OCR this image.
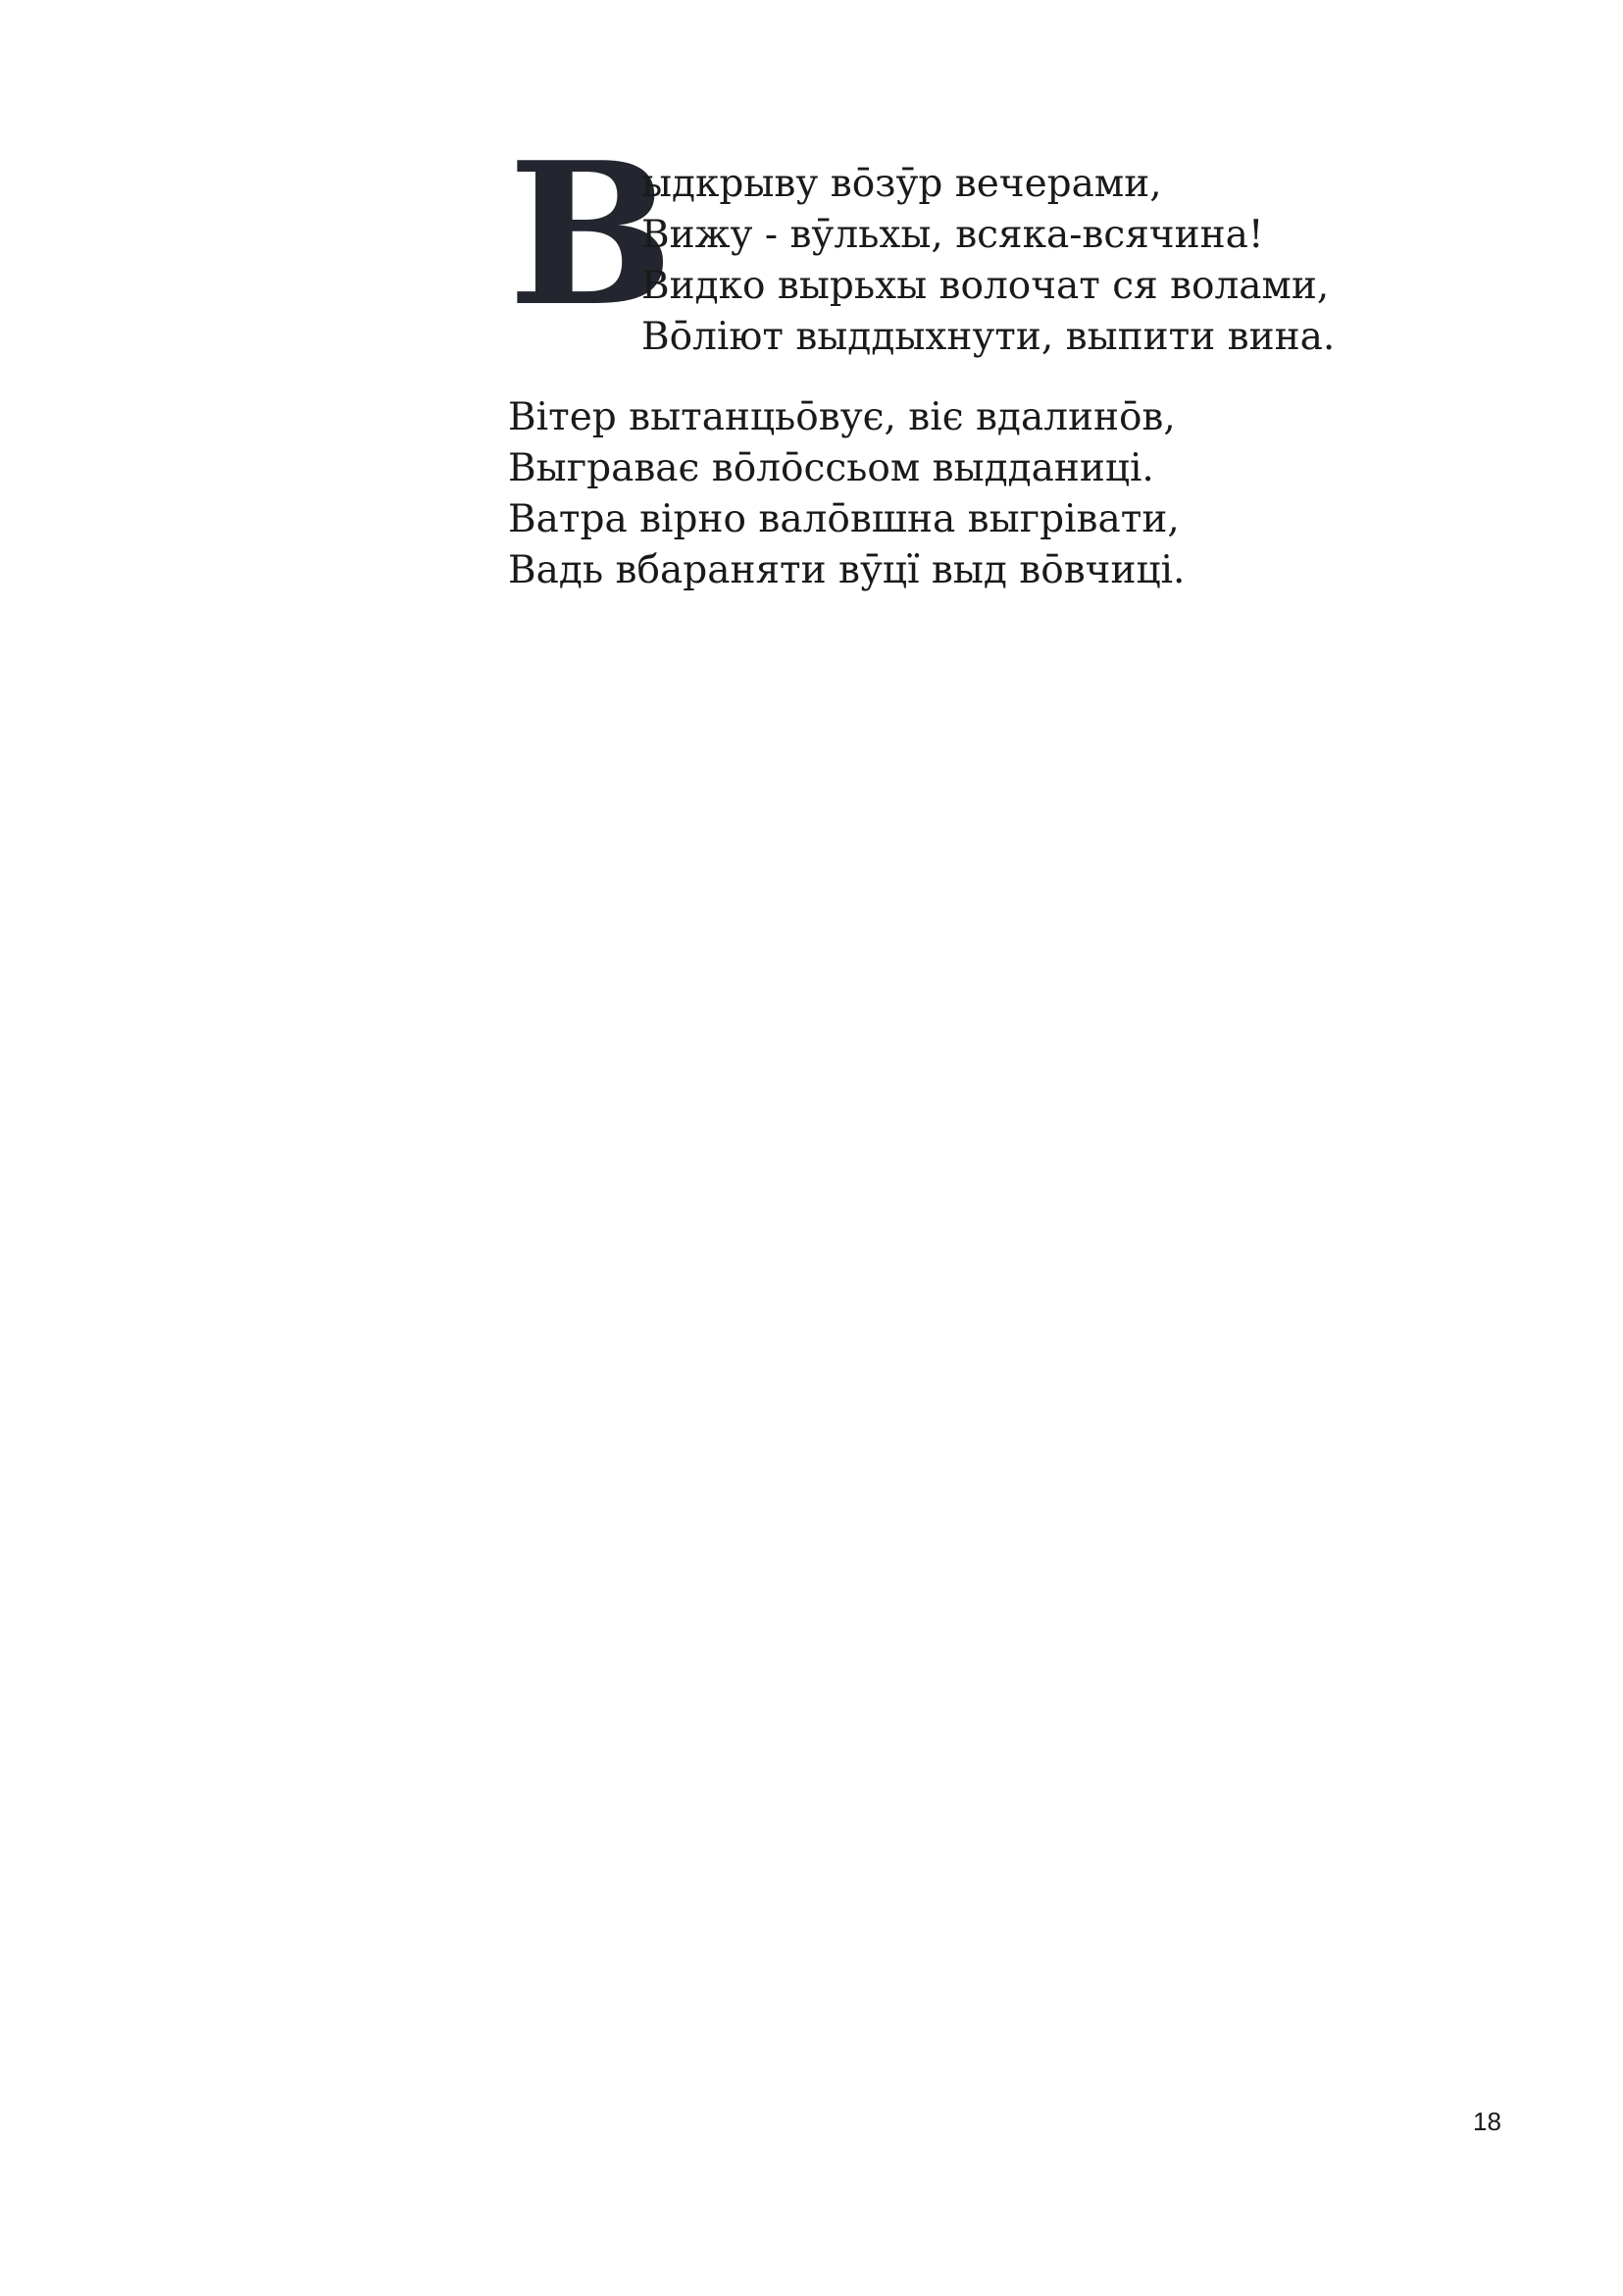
В
ыдкрыву во̄зӯр вечерами,
Вижу - вӯльхы, всяка-всячина!
Видко вырьхы волочат ся волами,
Во̄лiют выддыхнути, выпити вина.
Вiтер вытанцьо̄вує, вiє вдалино̄в,
Выграває во̄ло̄ссьом выдданицi.
Ватра вiрно вало̄вшна выгрiвати,
Вадь вбараняти вӯцї выд во̄вчицi.
18
